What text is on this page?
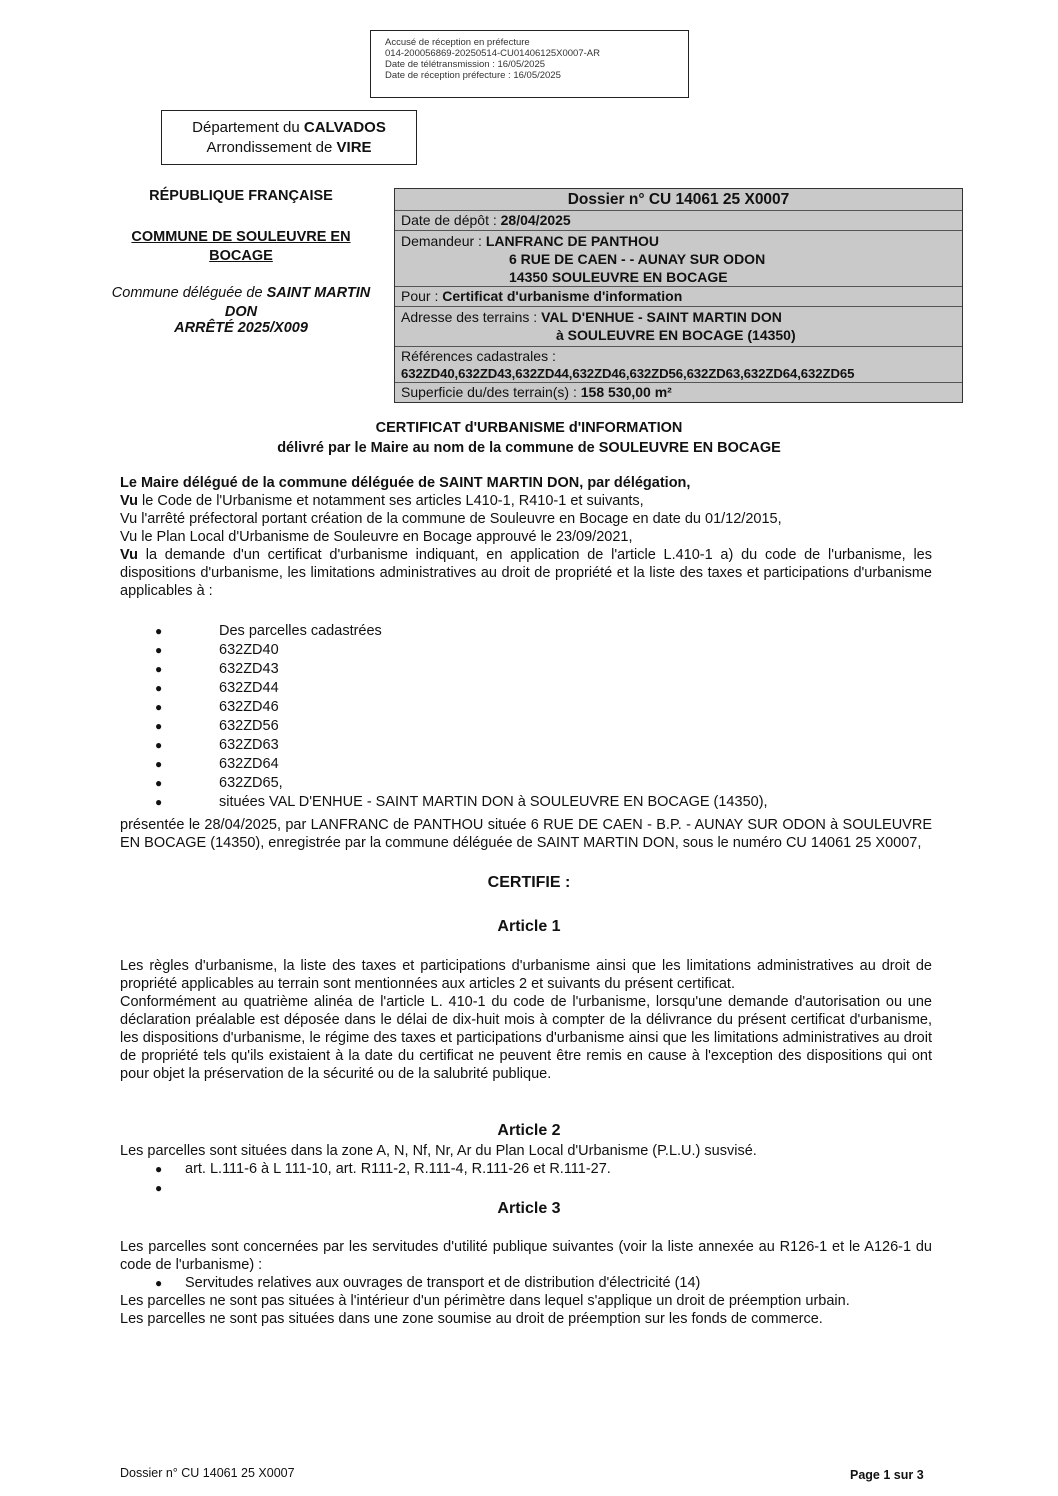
Accusé de réception en préfecture
014-200056869-20250514-CU01406125X0007-AR
Date de télétransmission : 16/05/2025
Date de réception préfecture : 16/05/2025
Département du CALVADOS
Arrondissement de VIRE
RÉPUBLIQUE FRANÇAISE
COMMUNE DE SOULEUVRE EN
BOCAGE
Commune déléguée de SAINT MARTIN
DON
ARRÊTÉ 2025/X009
Dossier n° CU 14061 25 X0007
Date de dépôt : 28/04/2025
Demandeur : LANFRANC DE PANTHOU
6 RUE DE CAEN - - AUNAY SUR ODON
14350 SOULEUVRE EN BOCAGE
Pour : Certificat d'urbanisme d'information
Adresse des terrains : VAL D'ENHUE - SAINT MARTIN DON
à SOULEUVRE EN BOCAGE (14350)
Références cadastrales :
632ZD40,632ZD43,632ZD44,632ZD46,632ZD56,632ZD63,632ZD64,632ZD65
Superficie du/des terrain(s) : 158 530,00 m²
CERTIFICAT d'URBANISME d'INFORMATION
délivré par le Maire au nom de la commune de SOULEUVRE EN BOCAGE

Le Maire délégué de la commune déléguée de SAINT MARTIN DON, par délégation,

Vu le Code de l'Urbanisme et notamment ses articles L410-1, R410-1 et suivants,

Vu l'arrêté préfectoral portant création de la commune de Souleuvre en Bocage en date du 01/12/2015,

Vu le Plan Local d'Urbanisme de Souleuvre en Bocage approuvé le 23/09/2021,

Vu la demande d'un certificat d'urbanisme indiquant, en application de l'article L.410-1 a) du code de l'urbanisme, les dispositions d'urbanisme, les limitations administratives au droit de propriété et la liste des taxes et participations d'urbanisme applicables à :

●	Des parcelles cadastrées
●	632ZD40
●	632ZD43
●	632ZD44
●	632ZD46
●	632ZD56
●	632ZD63
●	632ZD64
●	632ZD65,
●	situées VAL D'ENHUE - SAINT MARTIN DON à SOULEUVRE EN BOCAGE (14350),
présentée le 28/04/2025, par LANFRANC de PANTHOU située 6 RUE DE CAEN - B.P. - AUNAY SUR ODON à SOULEUVRE EN BOCAGE (14350), enregistrée par la commune déléguée de SAINT MARTIN DON, sous le numéro CU 14061 25 X0007,
CERTIFIE :
Article 1

Les règles d'urbanisme, la liste des taxes et participations d'urbanisme ainsi que les limitations administratives au droit de propriété applicables au terrain sont mentionnées aux articles 2 et suivants du présent certificat.

Conformément au quatrième alinéa de l'article L. 410-1 du code de l'urbanisme, lorsqu'une demande d'autorisation ou une déclaration préalable est déposée dans le délai de dix-huit mois à compter de la délivrance du présent certificat d'urbanisme, les dispositions d'urbanisme, le régime des taxes et participations d'urbanisme ainsi que les limitations administratives au droit de propriété tels qu'ils existaient à la date du certificat ne peuvent être remis en cause à l'exception des dispositions qui ont pour objet la préservation de la sécurité ou de la salubrité publique.

Article 2
Les parcelles sont situées dans la zone A, N, Nf, Nr, Ar du Plan Local d'Urbanisme (P.L.U.) susvisé.
●	art. L.111-6 à L 111-10, art. R111-2, R.111-4, R.111-26 et R.111-27.
●
Article 3

Les parcelles sont concernées par les servitudes d'utilité publique suivantes (voir la liste annexée au R126-1 et le A126-1 du code de l'urbanisme) :

●	Servitudes relatives aux ouvrages de transport et de distribution d'électricité (14)

Les parcelles ne sont pas situées à l'intérieur d'un périmètre dans lequel s'applique un droit de préemption urbain.

Les parcelles ne sont pas situées dans une zone soumise au droit de préemption sur les fonds de commerce.

Dossier n° CU 14061 25 X0007	Page 1 sur 3
